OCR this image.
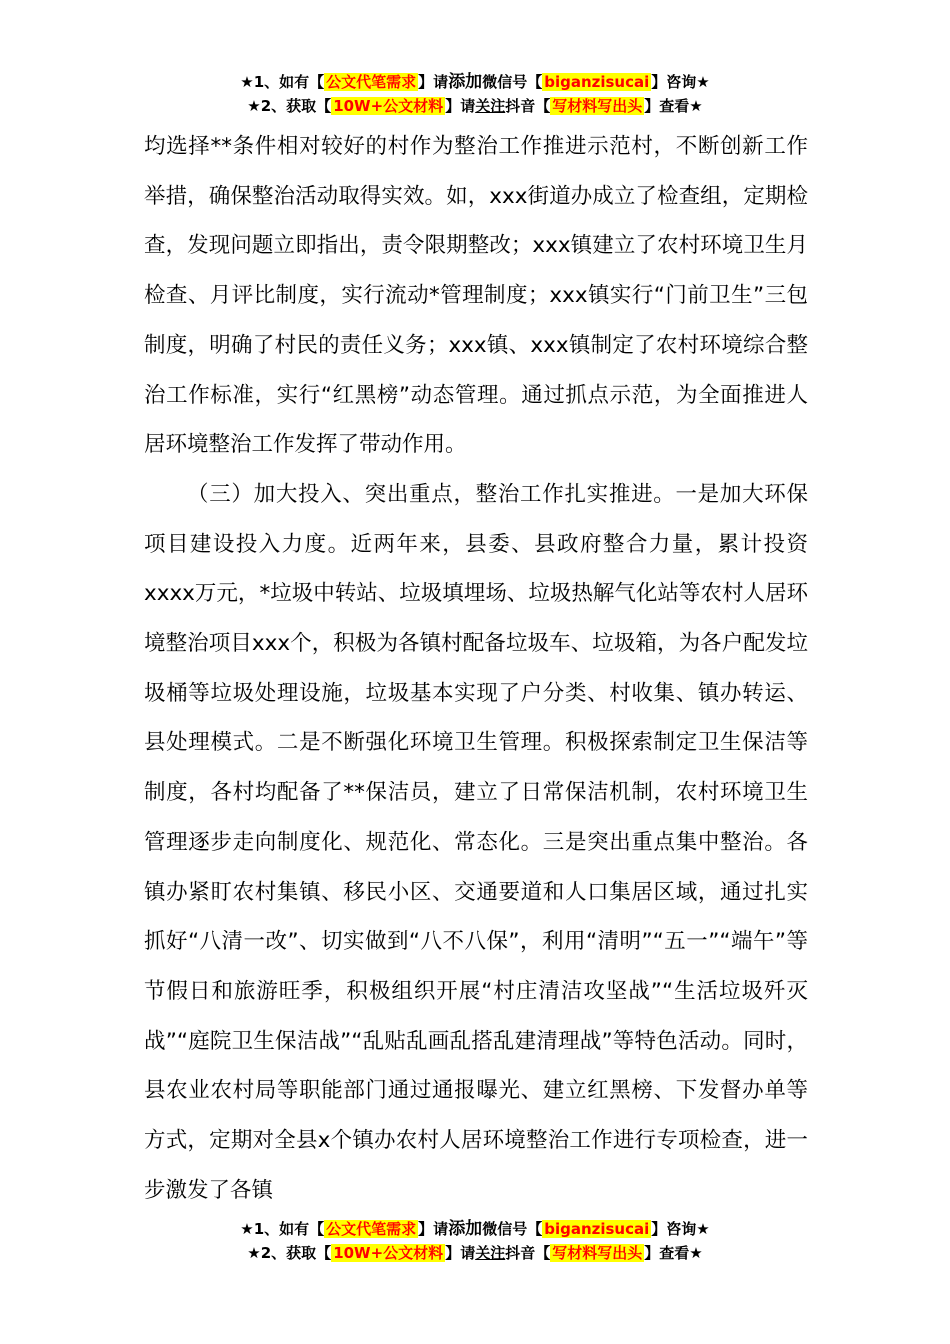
★1、如有【 公文代笔需求 】请添加微信号【 biganzisucai 】咨询★
★2、获取【 10W+公文材料 】请关注抖音【 写材料写出头 】查看★

均选择**条件相对较好的村作为整治工作推进示范村，不断创新工作举措，确保整治活动取得实效。如，xxx街道办成立了检查组，定期检查，发现问题立即指出，责令限期整改；xxx镇建立了农村环境卫生月检查、月评比制度，实行流动*管理制度；xxx镇实行“门前卫生”三包制度，明确了村民的责任义务；xxx镇、xxx镇制定了农村环境综合整治工作标准，实行“红黑榜”动态管理。通过抓点示范，为全面推进人居环境整治工作发挥了带动作用。

（三）加大投入、突出重点，整治工作扎实推进。一是加大环保项目建设投入力度。近两年来，县委、县政府整合力量，累计投资xxxx万元，*垃圾中转站、垃圾填埋场、垃圾热解气化站等农村人居环境整治项目xxx个，积极为各镇村配备垃圾车、垃圾箱，为各户配发垃圾桶等垃圾处理设施，垃圾基本实现了户分类、村收集、镇办转运、县处理模式。二是不断强化环境卫生管理。积极探索制定卫生保洁等制度，各村均配备了**保洁员，建立了日常保洁机制，农村环境卫生管理逐步走向制度化、规范化、常态化。三是突出重点集中整治。各镇办紧盯农村集镇、移民小区、交通要道和人口集居区域，通过扎实抓好“八清一改”、切实做到“八不八保”，利用“清明”“五一”“端午”等节假日和旅游旺季，积极组织开展“村庄清洁攻坚战”“生活垃圾歼灭战”“庭院卫生保洁战”“乱贴乱画乱搭乱建清理战”等特色活动。同时，县农业农村局等职能部门通过通报曝光、建立红黑榜、下发督办单等方式，定期对全县x个镇办农村人居环境整治工作进行专项检查，进一步激发了各镇

★1、如有【 公文代笔需求 】请添加微信号【 biganzisucai 】咨询★
★2、获取【 10W+公文材料 】请关注抖音【 写材料写出头 】查看★
